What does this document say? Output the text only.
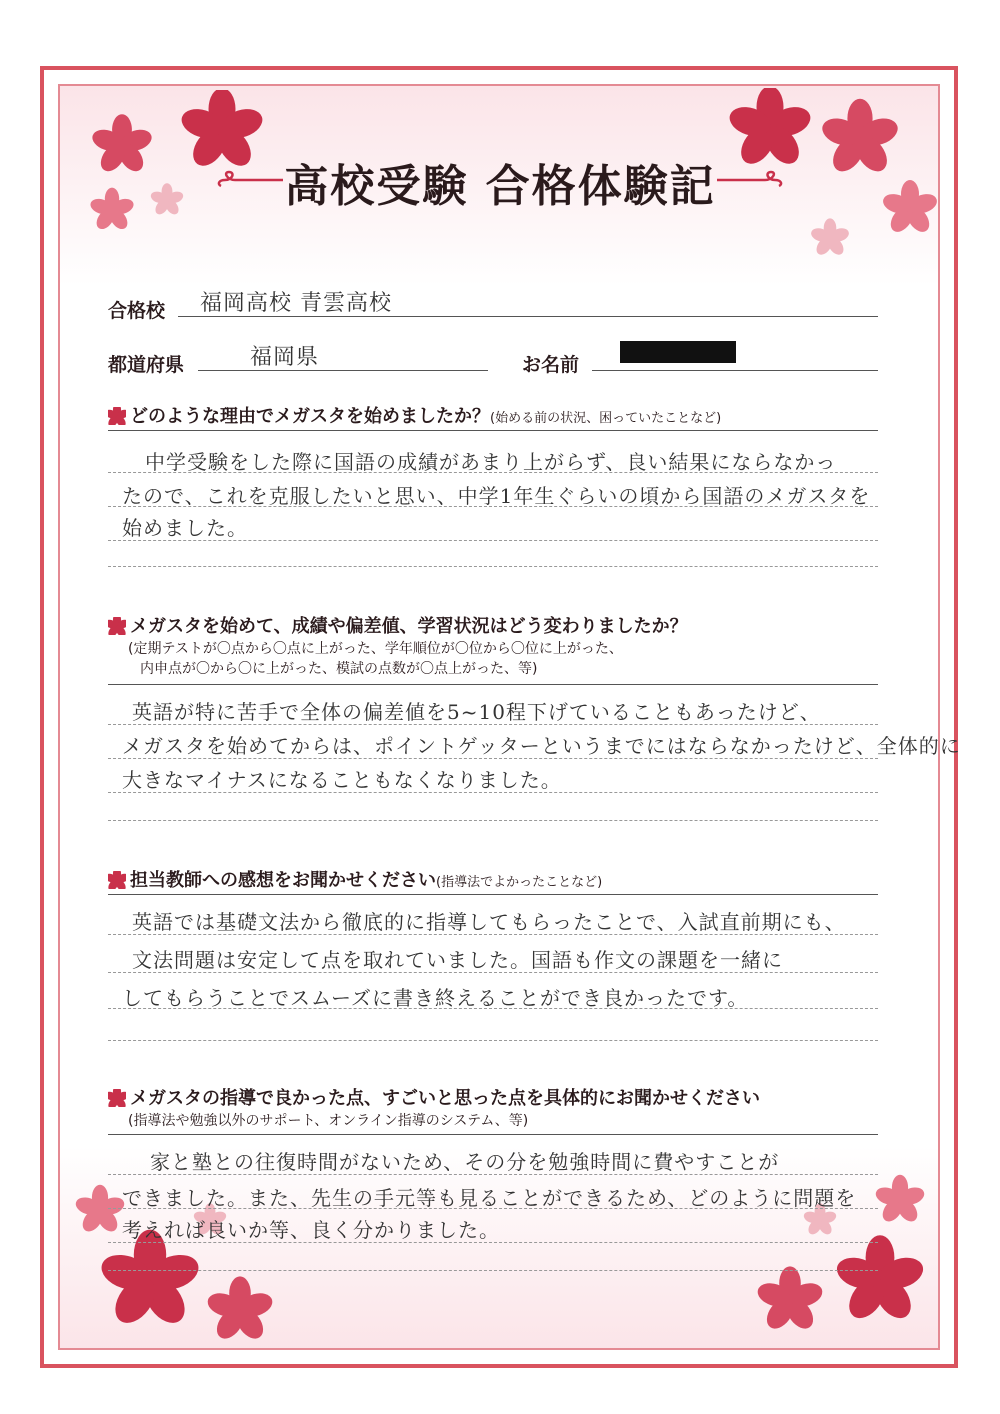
高校受験 合格体験記
合格校 福岡高校 青雲高校
都道府県	福岡県	お名前
どのような理由でメガスタを始めましたか？(始める前の状況、困っていたことなど)
中学受験をした際に国語の成績があまり上がらず、良い結果にならなかっ
たので、これを克服したいと思い、中学1年生ぐらいの頃から国語のメガスタを
始めました。
メガスタを始めて、成績や偏差値、学習状況はどう変わりましたか？
(定期テストが〇点から〇点に上がった、学年順位が〇位から〇位に上がった、
内申点が〇から〇に上がった、模試の点数が〇点上がった、等)
英語が特に苦手で全体の偏差値を5~10程下げていることもあったけど、
メガスタを始めてからは、ポイントゲッターというまでにはならなかったけど、全体的に
大きなマイナスになることもなくなりました。
担当教師への感想をお聞かせください(指導法でよかったことなど)
英語では基礎文法から徹底的に指導してもらったことで、入試直前期にも、
文法問題は安定して点を取れていました。国語も作文の課題を一緒に
してもらうことでスムーズに書き終えることができ良かったです。
メガスタの指導で良かった点、すごいと思った点を具体的にお聞かせください
(指導法や勉強以外のサポート、オンライン指導のシステム、等)
家と塾との往復時間がないため、その分を勉強時間に費やすことが
できました。また、先生の手元等も見ることができるため、どのように問題を
考えれば良いか等、良く分かりました。
